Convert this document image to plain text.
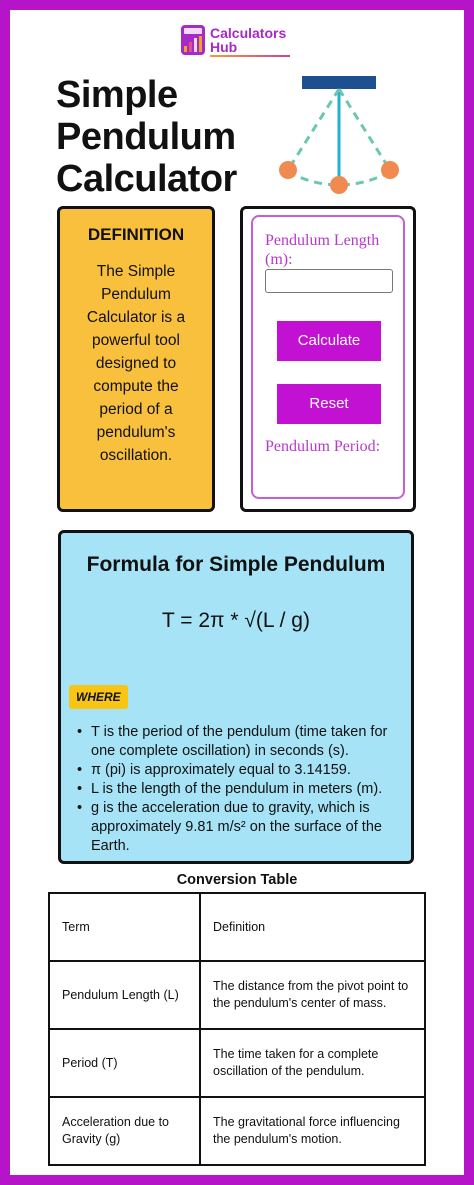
Calculators
Hub
Simple
Pendulum
Calculator
DEFINITION

The Simple Pendulum Calculator is a powerful tool designed to compute the period of a pendulum's oscillation.

Pendulum Length (m):
Calculate
Reset
Pendulum Period:
Formula for Simple Pendulum
T = 2π * √(L / g)
WHERE
• T is the period of the pendulum (time taken for one complete oscillation) in seconds (s).
• π (pi) is approximately equal to 3.14159.
• L is the length of the pendulum in meters (m).
• g is the acceleration due to gravity, which is approximately 9.81 m/s² on the surface of the Earth.
Conversion Table
Term	Definition
Pendulum Length (L)	The distance from the pivot point to the pendulum's center of mass.
Period (T)	The time taken for a complete oscillation of the pendulum.
Acceleration due to Gravity (g)	The gravitational force influencing the pendulum's motion.
